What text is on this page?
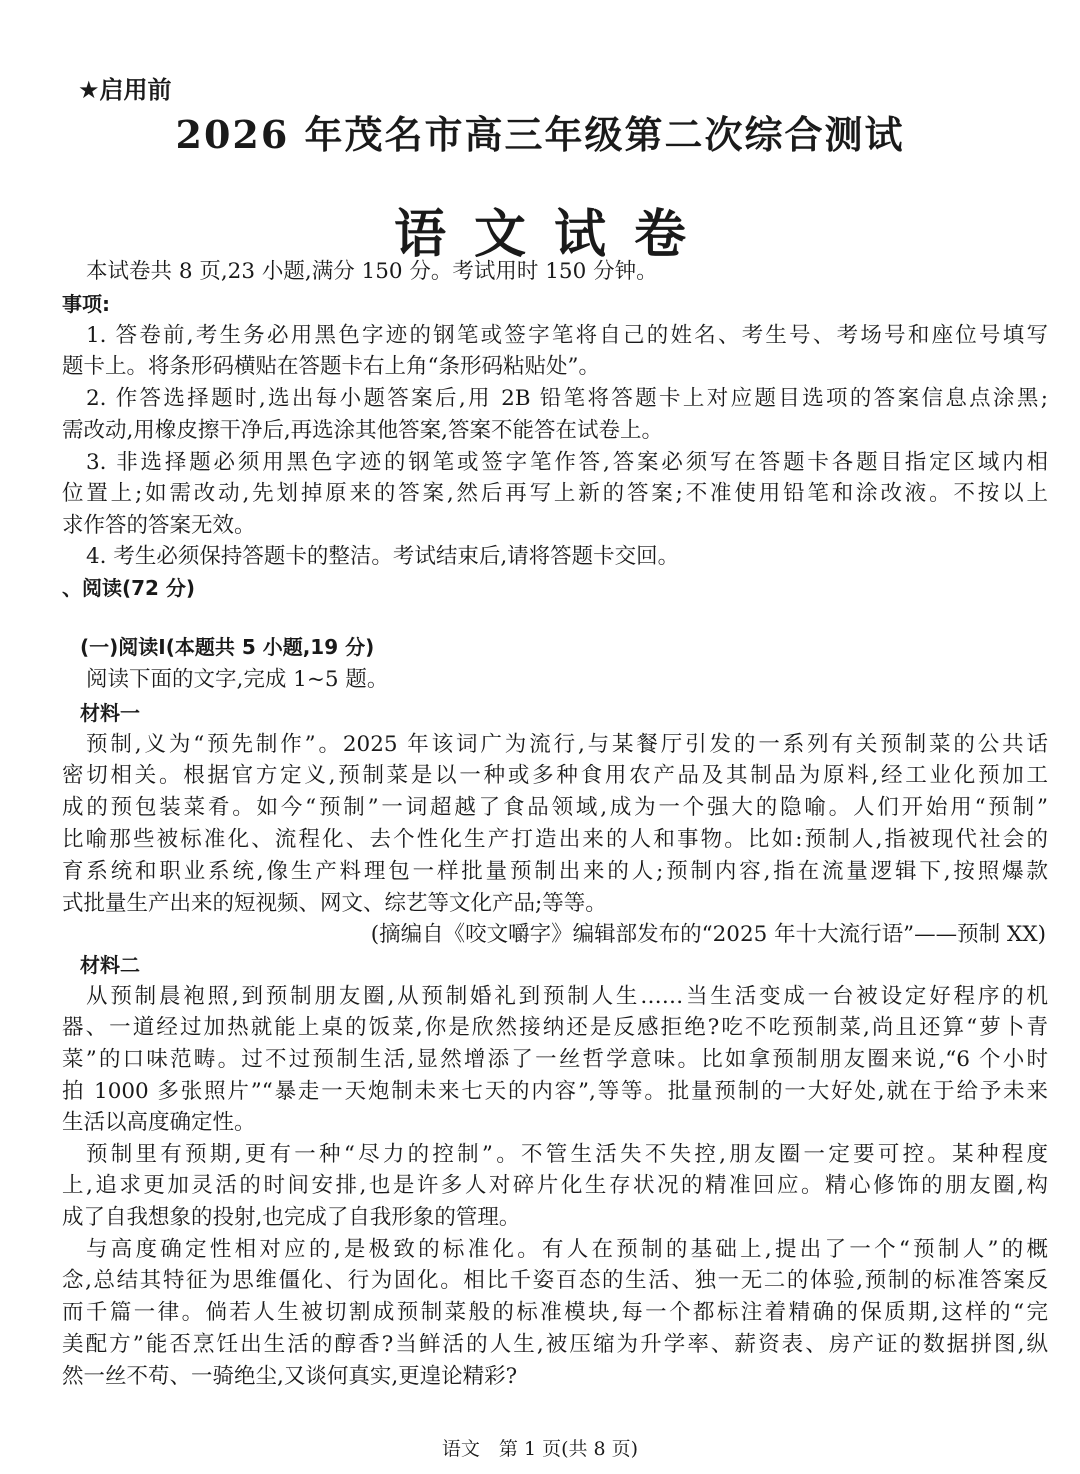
★启用前
2026 年茂名市高三年级第二次综合测试
语文试卷
本试卷共 8 页,23 小题,满分 150 分。考试用时 150 分钟。
事项:
1. 答卷前,考生务必用黑色字迹的钢笔或签字笔将自己的姓名、考生号、考场号和座位号填写
题卡上。将条形码横贴在答题卡右上角“条形码粘贴处”。
2. 作答选择题时,选出每小题答案后,用 2B 铅笔将答题卡上对应题目选项的答案信息点涂黑;
需改动,用橡皮擦干净后,再选涂其他答案,答案不能答在试卷上。
3. 非选择题必须用黑色字迹的钢笔或签字笔作答,答案必须写在答题卡各题目指定区域内相
位置上;如需改动,先划掉原来的答案,然后再写上新的答案;不准使用铅笔和涂改液。不按以上
求作答的答案无效。
4. 考生必须保持答题卡的整洁。考试结束后,请将答题卡交回。
、阅读(72 分)
(一)阅读Ⅰ(本题共 5 小题,19 分)
阅读下面的文字,完成 1~5 题。
材料一
预制,义为“预先制作”。2025 年该词广为流行,与某餐厅引发的一系列有关预制菜的公共话
密切相关。根据官方定义,预制菜是以一种或多种食用农产品及其制品为原料,经工业化预加工
成的预包装菜肴。如今“预制”一词超越了食品领域,成为一个强大的隐喻。人们开始用“预制”
比喻那些被标准化、流程化、去个性化生产打造出来的人和事物。比如:预制人,指被现代社会的
育系统和职业系统,像生产料理包一样批量预制出来的人;预制内容,指在流量逻辑下,按照爆款
式批量生产出来的短视频、网文、综艺等文化产品;等等。
(摘编自《咬文嚼字》编辑部发布的“2025 年十大流行语”——预制 XX)
材料二
从预制晨袍照,到预制朋友圈,从预制婚礼到预制人生……当生活变成一台被设定好程序的机
器、一道经过加热就能上桌的饭菜,你是欣然接纳还是反感拒绝?吃不吃预制菜,尚且还算“萝卜青
菜”的口味范畴。过不过预制生活,显然增添了一丝哲学意味。比如拿预制朋友圈来说,“6 个小时
拍 1000 多张照片”“暴走一天炮制未来七天的内容”,等等。批量预制的一大好处,就在于给予未来
生活以高度确定性。
预制里有预期,更有一种“尽力的控制”。不管生活失不失控,朋友圈一定要可控。某种程度
上,追求更加灵活的时间安排,也是许多人对碎片化生存状况的精准回应。精心修饰的朋友圈,构
成了自我想象的投射,也完成了自我形象的管理。
与高度确定性相对应的,是极致的标准化。有人在预制的基础上,提出了一个“预制人”的概
念,总结其特征为思维僵化、行为固化。相比千姿百态的生活、独一无二的体验,预制的标准答案反
而千篇一律。倘若人生被切割成预制菜般的标准模块,每一个都标注着精确的保质期,这样的“完
美配方”能否烹饪出生活的醇香?当鲜活的人生,被压缩为升学率、薪资表、房产证的数据拼图,纵
然一丝不苟、一骑绝尘,又谈何真实,更遑论精彩?
语文　第 1 页(共 8 页)
